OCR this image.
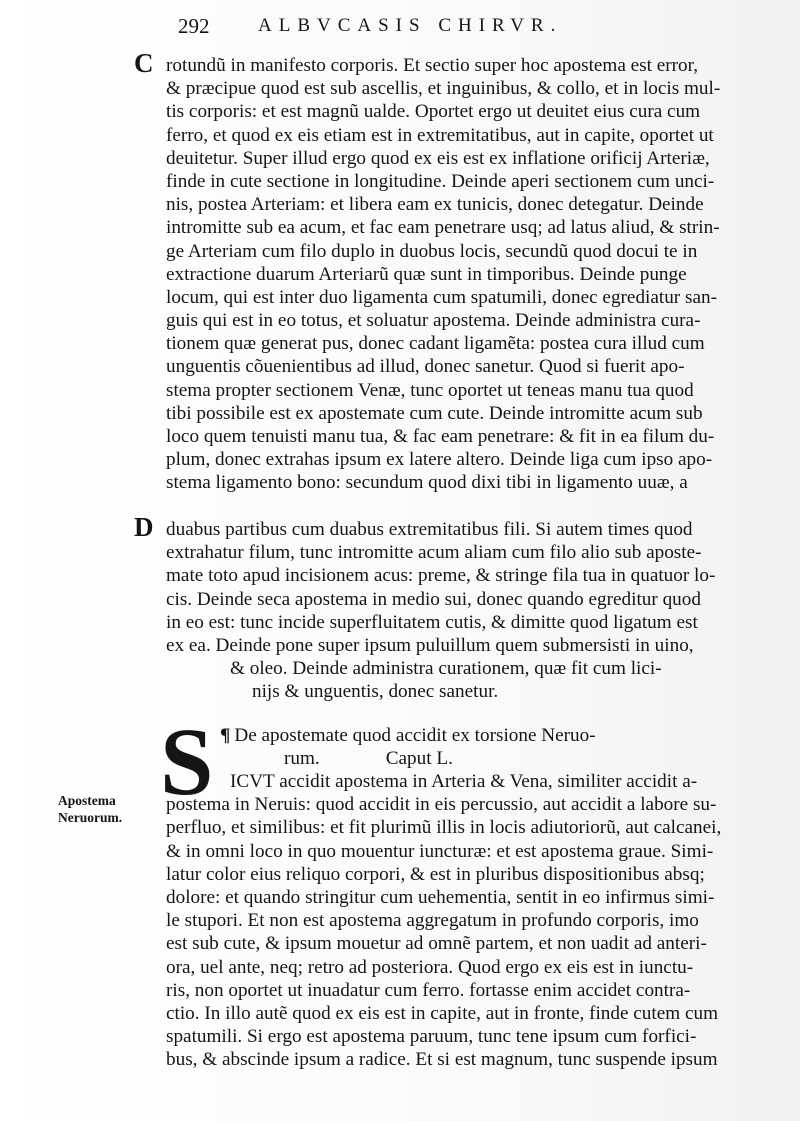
292	ALBVCASIS CHIRVR.
C rotundũ in manifesto corporis. Et sectio super hoc apostema est error,
& præcipue quod est sub ascellis, et inguinibus, & collo, et in locis mul-
tis corporis: et est magnũ ualde. Oportet ergo ut deuitet eius cura cum
ferro, et quod ex eis etiam est in extremitatibus, aut in capite, oportet ut
deuitetur. Super illud ergo quod ex eis est ex inflatione orificij Arteriæ,
finde in cute sectione in longitudine. Deinde aperi sectionem cum unci-
nis, postea Arteriam: et libera eam ex tunicis, donec detegatur. Deinde
intromitte sub ea acum, et fac eam penetrare usq; ad latus aliud, & strin-
ge Arteriam cum filo duplo in duobus locis, secundũ quod docui te in
extractione duarum Arteriarũ quæ sunt in timporibus. Deinde punge
locum, qui est inter duo ligamenta cum spatumili, donec egrediatur san-
guis qui est in eo totus, et soluatur apostema. Deinde administra cura-
tionem quæ generat pus, donec cadant ligamẽta: postea cura illud cum
unguentis cõuenientibus ad illud, donec sanetur. Quod si fuerit apo-
stema propter sectionem Venæ, tunc oportet ut teneas manu tua quod
tibi possibile est ex apostemate cum cute. Deinde intromitte acum sub
loco quem tenuisti manu tua, & fac eam penetrare: & fit in ea filum du-
plum, donec extrahas ipsum ex latere altero. Deinde liga cum ipso apo-
stema ligamento bono: secundum quod dixi tibi in ligamento uuæ, a
D duabus partibus cum duabus extremitatibus fili. Si autem times quod
extrahatur filum, tunc intromitte acum aliam cum filo alio sub aposte-
mate toto apud incisionem acus: preme, & stringe fila tua in quatuor lo-
cis. Deinde seca apostema in medio sui, donec quando egreditur quod
in eo est: tunc incide superfluitatem cutis, & dimitte quod ligatum est
ex ea. Deinde pone super ipsum puluillum quem submersisti in uino,
& oleo. Deinde administra curationem, quæ fit cum lici-
nijs & unguentis, donec sanetur.
S ¶ De apostemate quod accidit ex torsione Neruo-
rum.	Caput L.
ICVT accidit apostema in Arteria & Vena, similiter accidit a-
postema in Neruis: quod accidit in eis percussio, aut accidit a labore su-
perfluo, et similibus: et fit plurimũ illis in locis adiutoriorũ, aut calcanei,
& in omni loco in quo mouentur iuncturæ: et est apostema graue. Simi-
latur color eius reliquo corpori, & est in pluribus dispositionibus absq;
dolore: et quando stringitur cum uehementia, sentit in eo infirmus simi-
le stupori. Et non est apostema aggregatum in profundo corporis, imo
est sub cute, & ipsum mouetur ad omnẽ partem, et non uadit ad anteri-
ora, uel ante, neq; retro ad posteriora. Quod ergo ex eis est in iunctu-
ris, non oportet ut inuadatur cum ferro. fortasse enim accidet contra-
ctio. In illo autẽ quod ex eis est in capite, aut in fronte, finde cutem cum
spatumili. Si ergo est apostema paruum, tunc tene ipsum cum forfici-
bus, & abscinde ipsum a radice. Et si est magnum, tunc suspende ipsum
Apostema
Neruorum.
